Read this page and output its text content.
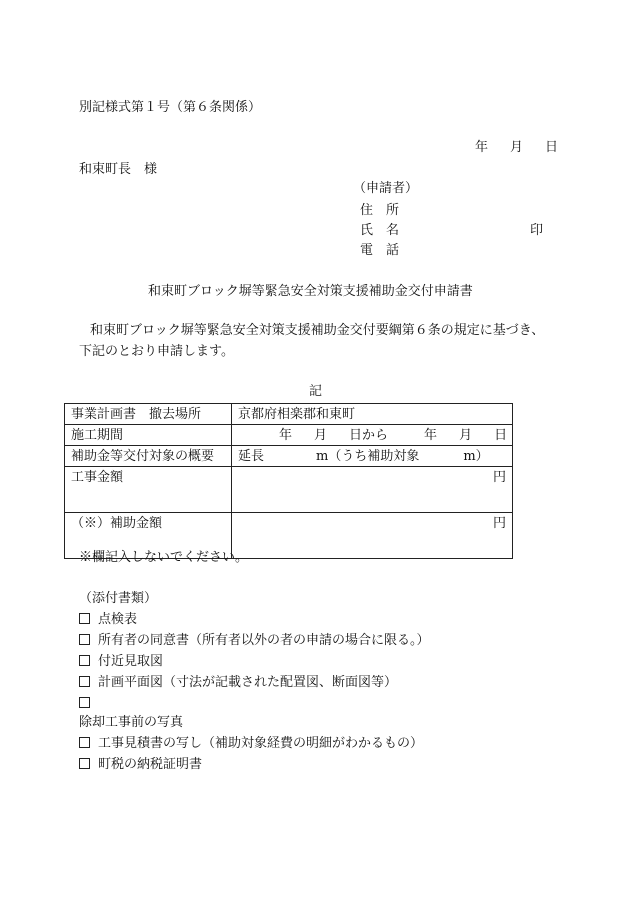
別記様式第１号（第６条関係）
年 月 日
和束町長　様
（申請者）
住　所
氏　名	印
電　話
和束町ブロック塀等緊急安全対策支援補助金交付申請書
和束町ブロック塀等緊急安全対策支援補助金交付要綱第６条の規定に基づき、
下記のとおり申請します。
記
事業計画書　撤去場所	京都府相楽郡和東町
施工期間	年 月 日から 年 月 日
補助金等交付対象の概要	延長 m（うち補助対象 m）
工事金額	円

（※）補助金額	円
※欄記入しないでください。
（添付書類）
点検表
所有者の同意書（所有者以外の者の申請の場合に限る。）
付近見取図
計画平面図（寸法が記載された配置図、断面図等）
除却工事前の写真
工事見積書の写し（補助対象経費の明細がわかるもの）
町税の納税証明書
